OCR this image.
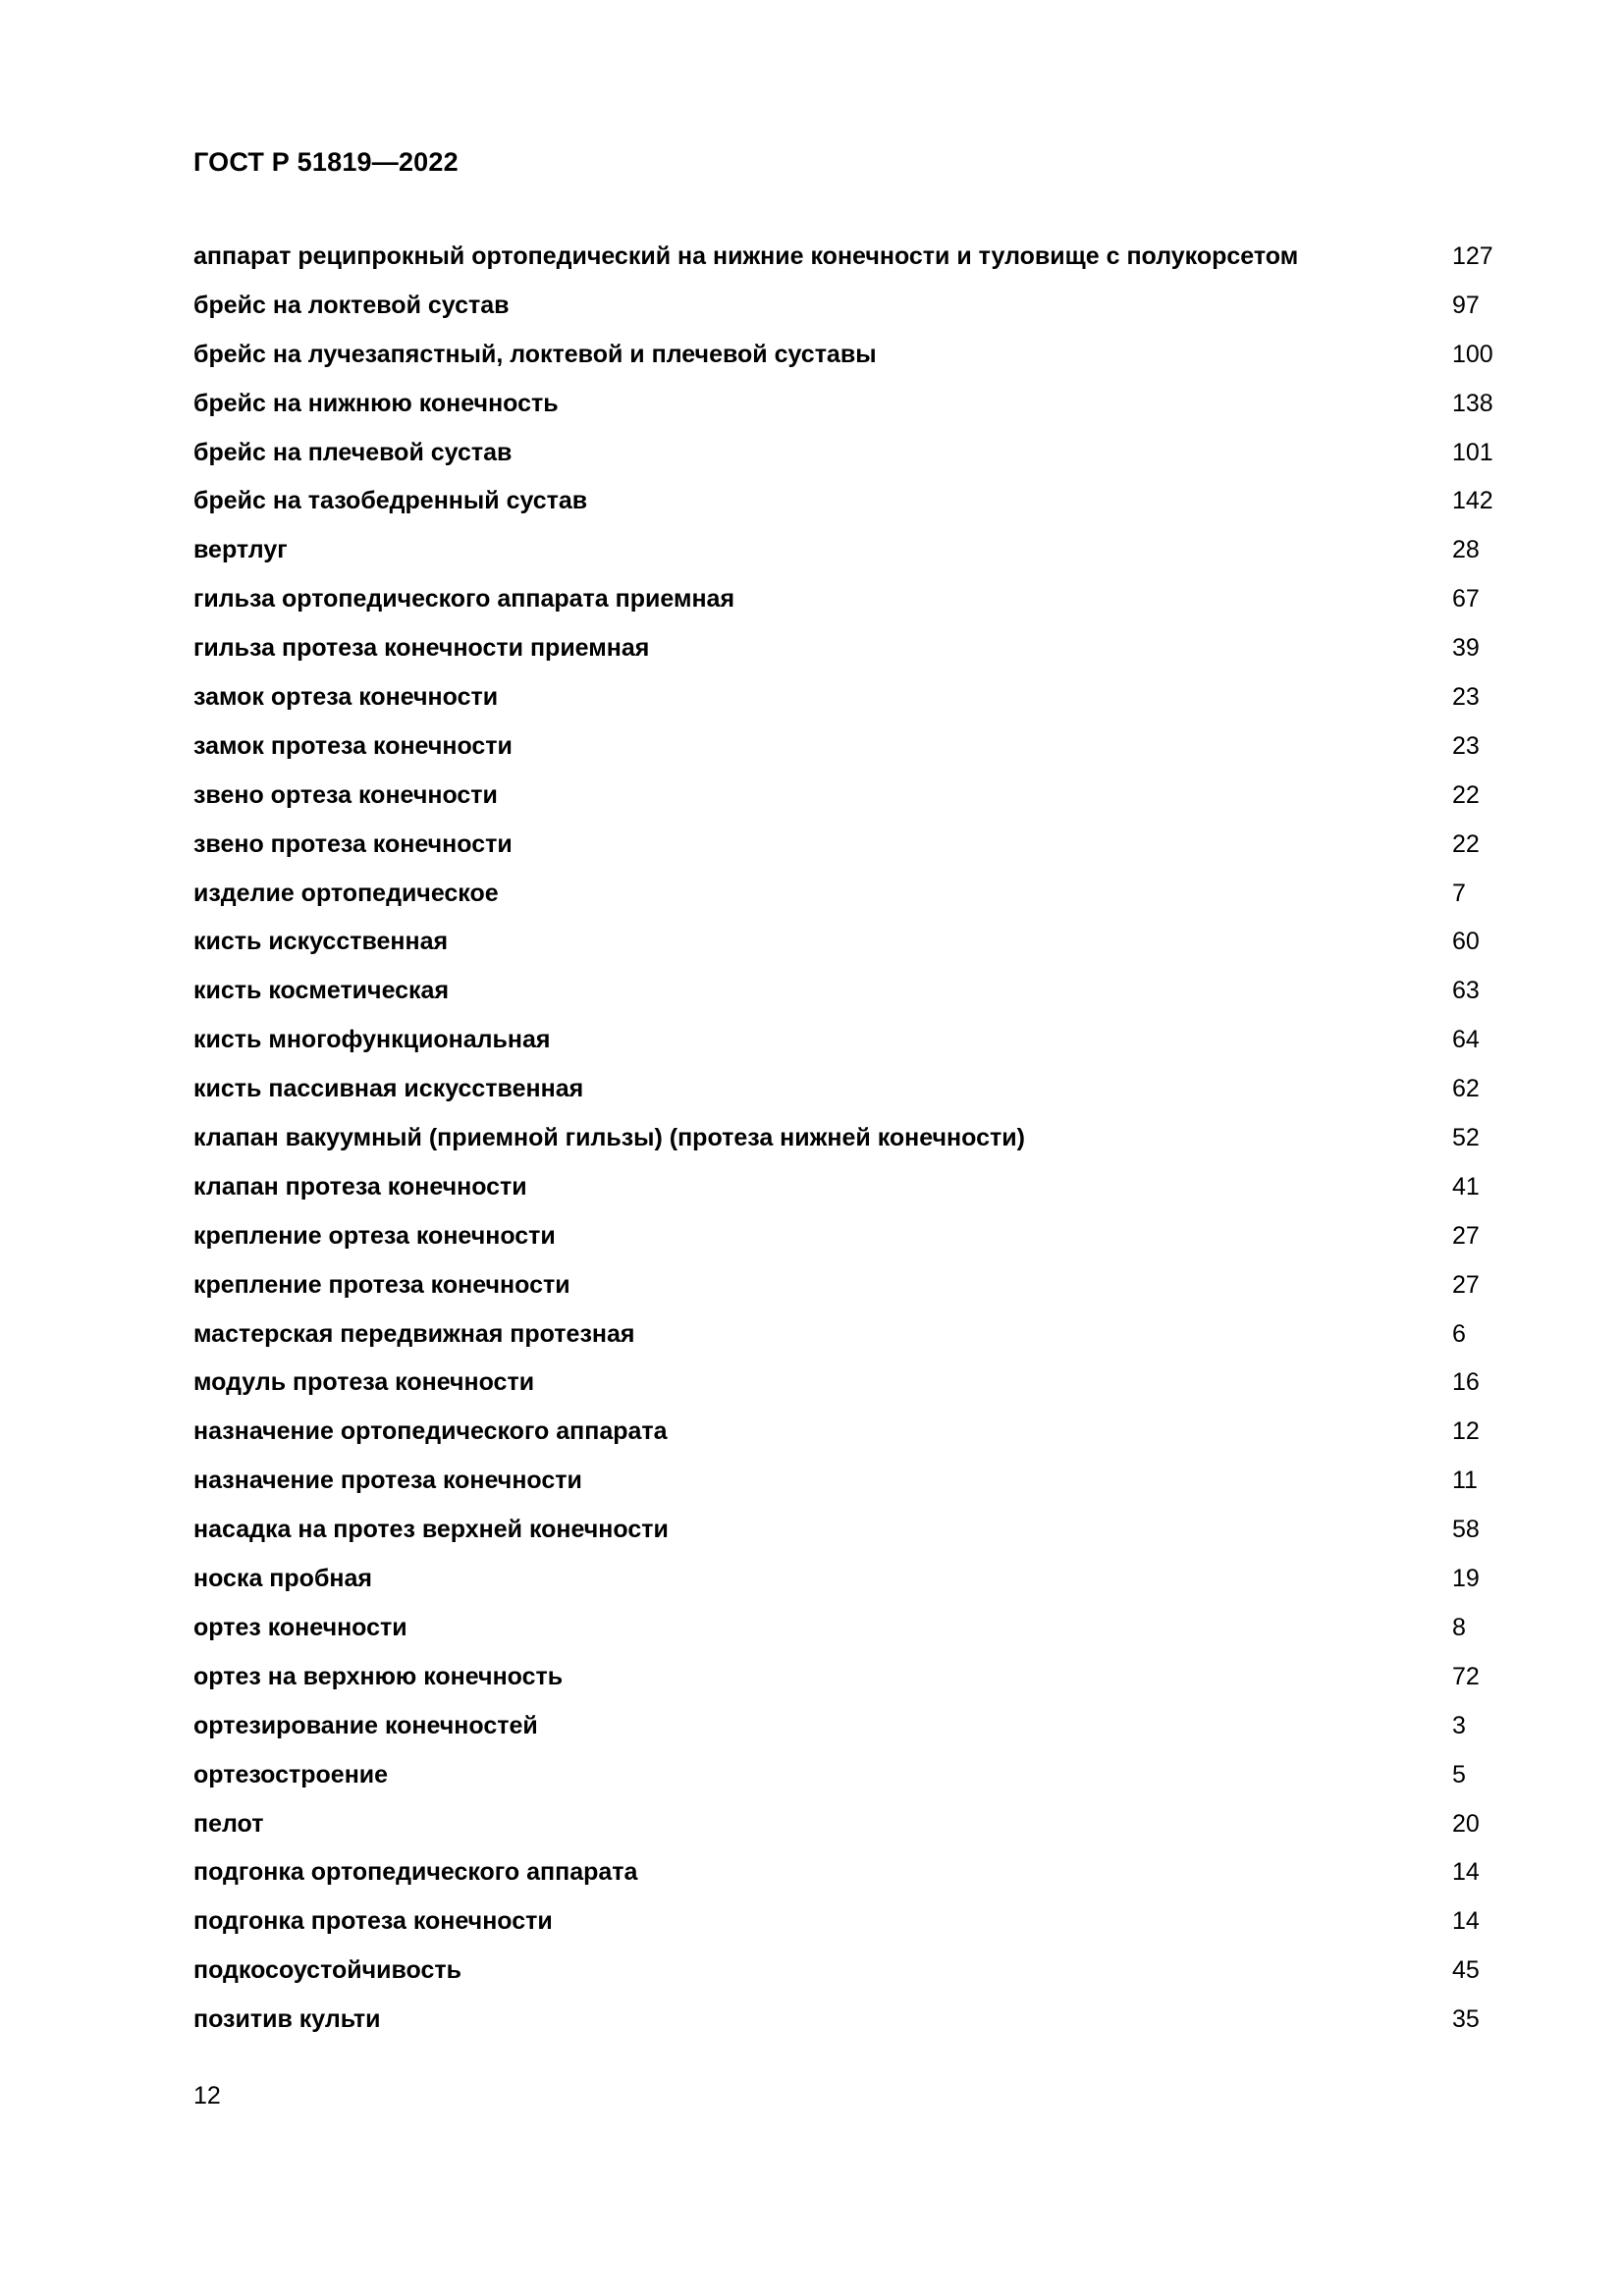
ГОСТ Р 51819—2022
аппарат реципрокный ортопедический на нижние конечности и туловище с полукорсетом	127
брейс на локтевой сустав	97
брейс на лучезапястный, локтевой и плечевой суставы	100
брейс на нижнюю конечность	138
брейс на плечевой сустав	101
брейс на тазобедренный сустав	142
вертлуг	28
гильза ортопедического аппарата приемная	67
гильза протеза конечности приемная	39
замок ортеза конечности	23
замок протеза конечности	23
звено ортеза конечности	22
звено протеза конечности	22
изделие ортопедическое	7
кисть искусственная	60
кисть косметическая	63
кисть многофункциональная	64
кисть пассивная искусственная	62
клапан вакуумный (приемной гильзы) (протеза нижней конечности)	52
клапан протеза конечности	41
крепление ортеза конечности	27
крепление протеза конечности	27
мастерская передвижная протезная	6
модуль протеза конечности	16
назначение ортопедического аппарата	12
назначение протеза конечности	11
насадка на протез верхней конечности	58
носка пробная	19
ортез конечности	8
ортез на верхнюю конечность	72
ортезирование конечностей	3
ортезостроение	5
пелот	20
подгонка ортопедического аппарата	14
подгонка протеза конечности	14
подкосоустойчивость	45
позитив культи	35
12
